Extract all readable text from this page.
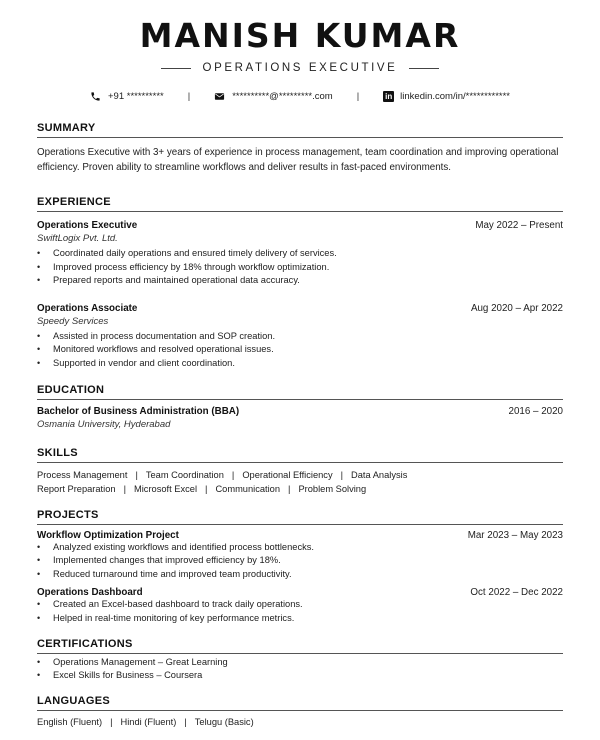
MANISH KUMAR
OPERATIONS EXECUTIVE
+91 **********	|	**********@*********.com	|	in linkedin.com/in/************
SUMMARY
Operations Executive with 3+ years of experience in process management, team coordination and improving operational efficiency. Proven ability to streamline workflows and deliver results in fast-paced environments.
EXPERIENCE
Operations Executive	May 2022 – Present
SwiftLogix Pvt. Ltd.
• Coordinated daily operations and ensured timely delivery of services.
• Improved process efficiency by 18% through workflow optimization.
• Prepared reports and maintained operational data accuracy.
Operations Associate	Aug 2020 – Apr 2022
Speedy Services
• Assisted in process documentation and SOP creation.
• Monitored workflows and resolved operational issues.
• Supported in vendor and client coordination.
EDUCATION
Bachelor of Business Administration (BBA)	2016 – 2020
Osmania University, Hyderabad
SKILLS
Process Management | Team Coordination | Operational Efficiency | Data Analysis
Report Preparation | Microsoft Excel | Communication | Problem Solving
PROJECTS
Workflow Optimization Project	Mar 2023 – May 2023
• Analyzed existing workflows and identified process bottlenecks.
• Implemented changes that improved efficiency by 18%.
• Reduced turnaround time and improved team productivity.
Operations Dashboard	Oct 2022 – Dec 2022
• Created an Excel-based dashboard to track daily operations.
• Helped in real-time monitoring of key performance metrics.
CERTIFICATIONS
• Operations Management – Great Learning
• Excel Skills for Business – Coursera
LANGUAGES
English (Fluent) | Hindi (Fluent) | Telugu (Basic)
